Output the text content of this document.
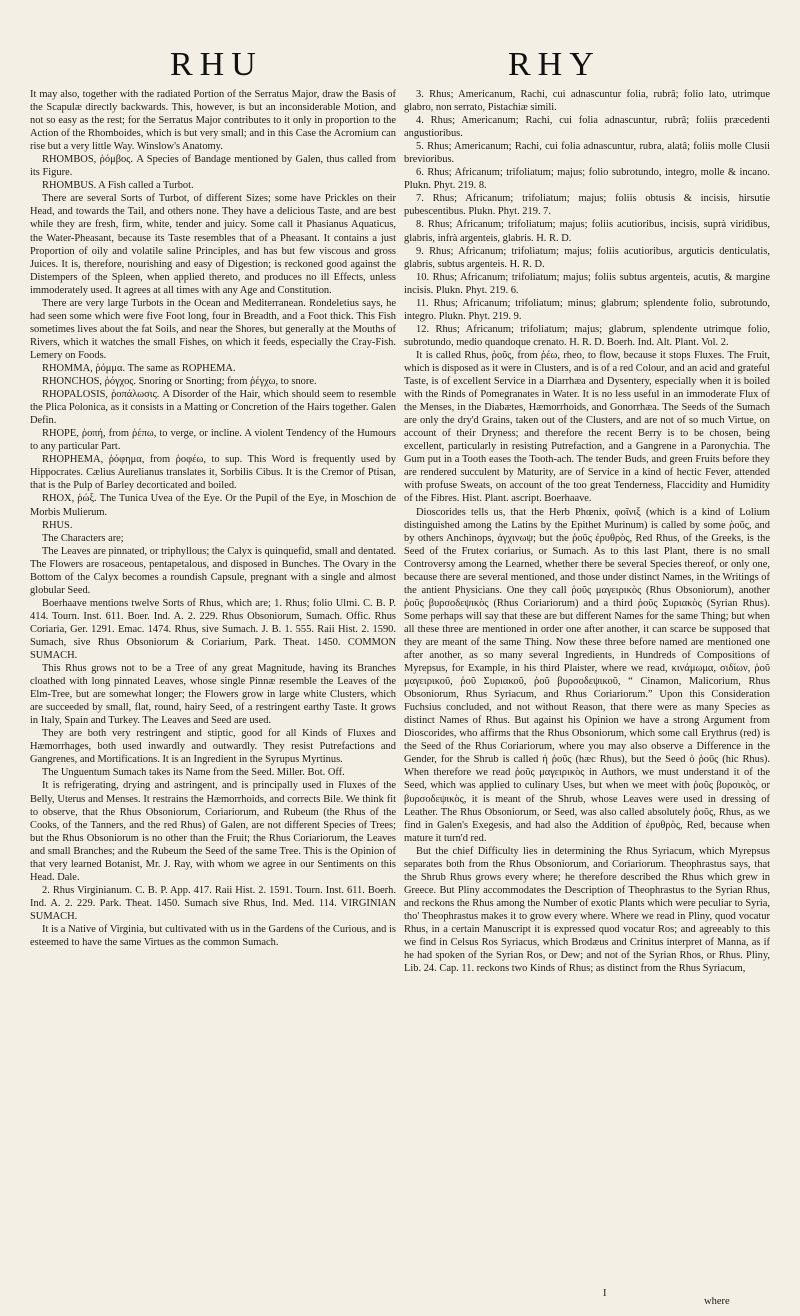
RHU	RHY

It may also, together with the radiated Portion of the Serratus Major, draw the Basis of the Scapulæ directly backwards. This, however, is but an inconsiderable Motion, and not so easy as the rest; for the Serratus Major contributes to it only in proportion to the Action of the Rhomboides, which is but very small; and in this Case the Acromium can rise but a very little Way. Winslow's Anatomy.

RHOMBOS, ῥόμβος. A Species of Bandage mentioned by Galen, thus called from its Figure.

RHOMBUS. A Fish called a Turbot.

There are several Sorts of Turbot, of different Sizes; some have Prickles on their Head, and towards the Tail, and others none. They have a delicious Taste, and are best while they are fresh, firm, white, tender and juicy. Some call it Phasianus Aquaticus, the Water-Pheasant, because its Taste resembles that of a Pheasant. It contains a just Proportion of oily and volatile saline Principles, and has but few viscous and gross Juices. It is, therefore, nourishing and easy of Digestion; is reckoned good against the Distempers of the Spleen, when applied thereto, and produces no ill Effects, unless immoderately used. It agrees at all times with any Age and Constitution.

There are very large Turbots in the Ocean and Mediterranean. Rondeletius says, he had seen some which were five Foot long, four in Breadth, and a Foot thick. This Fish sometimes lives about the fat Soils, and near the Shores, but generally at the Mouths of Rivers, which it watches the small Fishes, on which it feeds, especially the Cray-Fish. Lemery on Foods.

RHOMMA, ῥόμμα. The same as ROPHEMA.

RHONCHOS, ῥόγχος. Snoring or Snorting; from ῥέγχω, to snore.

RHOPALOSIS, ῥοπάλωσις. A Disorder of the Hair, which should seem to resemble the Plica Polonica, as it consists in a Matting or Concretion of the Hairs together. Galen Defin.

RHOPE, ῥοπή, from ῥέπω, to verge, or incline. A violent Tendency of the Humours to any particular Part.

RHOPHEMA, ῥόφημα, from ῥοφέω, to sup. This Word is frequently used by Hippocrates. Cælius Aurelianus translates it, Sorbilis Cibus. It is the Cremor of Ptisan, that is the Pulp of Barley decorticated and boiled.

RHOX, ῥώξ. The Tunica Uvea of the Eye. Or the Pupil of the Eye, in Moschion de Morbis Mulierum.

RHUS.

The Characters are;

The Leaves are pinnated, or triphyllous; the Calyx is quinquefid, small and dentated. The Flowers are rosaceous, pentapetalous, and disposed in Bunches. The Ovary in the Bottom of the Calyx becomes a roundish Capsule, pregnant with a single and almost globular Seed.

Boerhaave mentions twelve Sorts of Rhus, which are; 1. Rhus; folio Ulmi. C. B. P. 414. Tourn. Inst. 611. Boer. Ind. A. 2. 229. Rhus Obsoniorum, Sumach. Offic. Rhus Coriaria, Ger. 1291. Emac. 1474. Rhus, sive Sumach. J. B. 1. 555. Raii Hist. 2. 1590. Sumach, sive Rhus Obsoniorum & Coriarium, Park. Theat. 1450. COMMON SUMACH.

This Rhus grows not to be a Tree of any great Magnitude, having its Branches cloathed with long pinnated Leaves, whose single Pinnæ resemble the Leaves of the Elm-Tree, but are somewhat longer; the Flowers grow in large white Clusters, which are succeeded by small, flat, round, hairy Seed, of a restringent earthy Taste. It grows in Italy, Spain and Turkey. The Leaves and Seed are used.

They are both very restringent and stiptic, good for all Kinds of Fluxes and Hæmorrhages, both used inwardly and outwardly. They resist Putrefactions and Gangrenes, and Mortifications. It is an Ingredient in the Syrupus Myrtinus.

The Unguentum Sumach takes its Name from the Seed. Miller. Bot. Off.

It is refrigerating, drying and astringent, and is principally used in Fluxes of the Belly, Uterus and Menses. It restrains the Hæmorrhoids, and corrects Bile. We think fit to observe, that the Rhus Obsoniorum, Coriariorum, and Rubeum (the Rhus of the Cooks, of the Tanners, and the red Rhus) of Galen, are not different Species of Trees; but the Rhus Obsoniorum is no other than the Fruit; the Rhus Coriariorum, the Leaves and small Branches; and the Rubeum the Seed of the same Tree. This is the Opinion of that very learned Botanist, Mr. J. Ray, with whom we agree in our Sentiments on this Head. Dale.

2. Rhus Virginianum. C. B. P. App. 417. Raii Hist. 2. 1591. Tourn. Inst. 611. Boerh. Ind. A. 2. 229. Park. Theat. 1450. Sumach sive Rhus, Ind. Med. 114. VIRGINIAN SUMACH.

It is a Native of Virginia, but cultivated with us in the Gardens of the Curious, and is esteemed to have the same Virtues as the common Sumach.

3. Rhus; Americanum, Rachi, cui adnascuntur folia, rubrâ; folio lato, utrimque glabro, non serrato, Pistachiæ simili.

4. Rhus; Americanum; Rachi, cui folia adnascuntur, rubrâ; foliis præcedenti angustioribus.

5. Rhus; Americanum; Rachi, cui folia adnascuntur, rubra, alatâ; foliis molle Clusii brevioribus.

6. Rhus; Africanum; trifoliatum; majus; folio subrotundo, integro, molle & incano. Plukn. Phyt. 219. 8.

7. Rhus; Africanum; trifoliatum; majus; foliis obtusis & incisis, hirsutie pubescentibus. Plukn. Phyt. 219. 7.

8. Rhus; Africanum; trifoliatum; majus; foliis acutioribus, incisis, suprà viridibus, glabris, infrà argenteis, glabris. H. R. D.

9. Rhus; Africanum; trifoliatum; majus; foliis acutioribus, arguticis denticulatis, glabris, subtus argenteis. H. R. D.

10. Rhus; Africanum; trifoliatum; majus; foliis subtus argenteis, acutis, & margine incisis. Plukn. Phyt. 219. 6.

11. Rhus; Africanum; trifoliatum; minus; glabrum; splendente folio, subrotundo, integro. Plukn. Phyt. 219. 9.

12. Rhus; Africanum; trifoliatum; majus; glabrum, splendente utrimque folio, subrotundo, medio quandoque crenato. H. R. D. Boerh. Ind. Alt. Plant. Vol. 2.

It is called Rhus, ῥοῦς, from ῥέω, rheo, to flow, because it stops Fluxes. The Fruit, which is disposed as it were in Clusters, and is of a red Colour, and an acid and grateful Taste, is of excellent Service in a Diarrhæa and Dysentery, especially when it is boiled with the Rinds of Pomegranates in Water. It is no less useful in an immoderate Flux of the Menses, in the Diabætes, Hæmorrhoids, and Gonorrhæa. The Seeds of the Sumach are only the dry'd Grains, taken out of the Clusters, and are not of so much Virtue, on account of their Dryness; and therefore the recent Berry is to be chosen, being excellent, particularly in resisting Putrefaction, and a Gangrene in a Paronychia. The Gum put in a Tooth eases the Tooth-ach. The tender Buds, and green Fruits before they are rendered succulent by Maturity, are of Service in a kind of hectic Fever, attended with profuse Sweats, on account of the too great Tenderness, Flaccidity and Humidity of the Fibres. Hist. Plant. ascript. Boerhaave.

Dioscorides tells us, that the Herb Phœnix, φοῖνιξ (which is a kind of Lolium distinguished among the Latins by the Epithet Murinum) is called by some ῥοῦς, and by others Anchinops, ἀγχινωψ; but the ῥοῦς ἐρυθρὸς, Red Rhus, of the Greeks, is the Seed of the Frutex coriarius, or Sumach. As to this last Plant, there is no small Controversy among the Learned, whether there be several Species thereof, or only one, because there are several mentioned, and those under distinct Names, in the Writings of the antient Physicians. One they call ῥοῦς μαγειρικὸς (Rhus Obsoniorum), another ῥοῦς βυρσοδεψικὸς (Rhus Coriariorum) and a third ῥοῦς Συριακὸς (Syrian Rhus). Some perhaps will say that these are but different Names for the same Thing; but when all these three are mentioned in order one after another, it can scarce be supposed that they are meant of the same Thing. Now these three before named are mentioned one after another, as so many several Ingredients, in Hundreds of Compositions of Myrepsus, for Example, in his third Plaister, where we read, κινάμωμα, σιδίων, ῥοῦ μαγειρικοῦ, ῥοῦ Συριακοῦ, ῥοῦ βυρσοδεψικοῦ, “ Cinamon, Malicorium, Rhus Obsoniorum, Rhus Syriacum, and Rhus Coriariorum.” Upon this Consideration Fuchsius concluded, and not without Reason, that there were as many Species as distinct Names of Rhus. But against his Opinion we have a strong Argument from Dioscorides, who affirms that the Rhus Obsoniorum, which some call Erythrus (red) is the Seed of the Rhus Coriariorum, where you may also observe a Difference in the Gender, for the Shrub is called ἡ ῥοῦς (hæc Rhus), but the Seed ὁ ῥοῦς (hic Rhus). When therefore we read ῥοῦς μαγειρικὸς in Authors, we must understand it of the Seed, which was applied to culinary Uses, but when we meet with ῥοῦς βυρσικὸς, or βυρσοδεψικὸς, it is meant of the Shrub, whose Leaves were used in dressing of Leather. The Rhus Obsoniorum, or Seed, was also called absolutely ῥοῦς, Rhus, as we find in Galen's Exegesis, and had also the Addition of ἐρυθρὸς, Red, because when mature it turn'd red.

But the chief Difficulty lies in determining the Rhus Syriacum, which Myrepsus separates both from the Rhus Obsoniorum, and Coriariorum. Theophrastus says, that the Shrub Rhus grows every where; he therefore described the Rhus which grew in Greece. But Pliny accommodates the Description of Theophrastus to the Syrian Rhus, and reckons the Rhus among the Number of exotic Plants which were peculiar to Syria, tho' Theophrastus makes it to grow every where. Where we read in Pliny, quod vocatur Rhus, in a certain Manuscript it is expressed quod vocatur Ros; and agreeably to this we find in Celsus Ros Syriacus, which Brodæus and Crinitus interpret of Manna, as if he had spoken of the Syrian Ros, or Dew; and not of the Syrian Rhos, or Rhus. Pliny, Lib. 24. Cap. 11. reckons two Kinds of Rhus; as distinct from the Rhus Syriacum,

I
where
